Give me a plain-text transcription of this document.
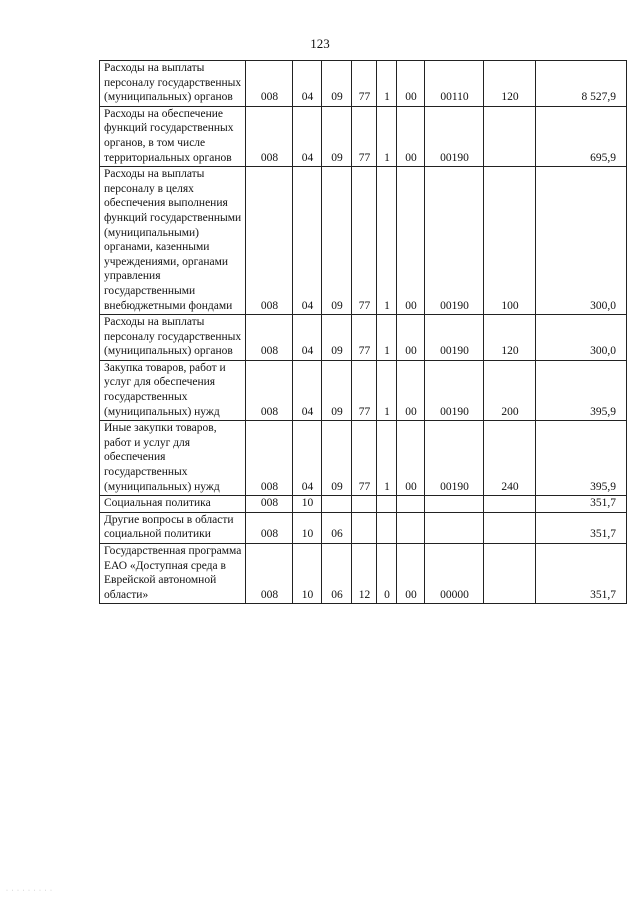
123
Расходы на выплаты персоналу государственных (муниципальных) органов	008	04	09	77	1	00	00110	120	8 527,9
Расходы на обеспечение функций государственных органов, в том числе территориальных органов	008	04	09	77	1	00	00190		695,9
Расходы на выплаты персоналу в целях обеспечения выполнения функций государственными (муниципальными) органами, казенными учреждениями, органами управления государственными внебюджетными фондами	008	04	09	77	1	00	00190	100	300,0
Расходы на выплаты персоналу государственных (муниципальных) органов	008	04	09	77	1	00	00190	120	300,0
Закупка товаров, работ и услуг для обеспечения государственных (муниципальных) нужд	008	04	09	77	1	00	00190	200	395,9
Иные закупки товаров, работ и услуг для обеспечения государственных (муниципальных) нужд	008	04	09	77	1	00	00190	240	395,9
Социальная политика	008	10							351,7
Другие вопросы в области социальной политики	008	10	06						351,7
Государственная программа ЕАО «Доступная среда в Еврейской автономной области»	008	10	06	12	0	00	00000		351,7
· · · · · · · · ·
